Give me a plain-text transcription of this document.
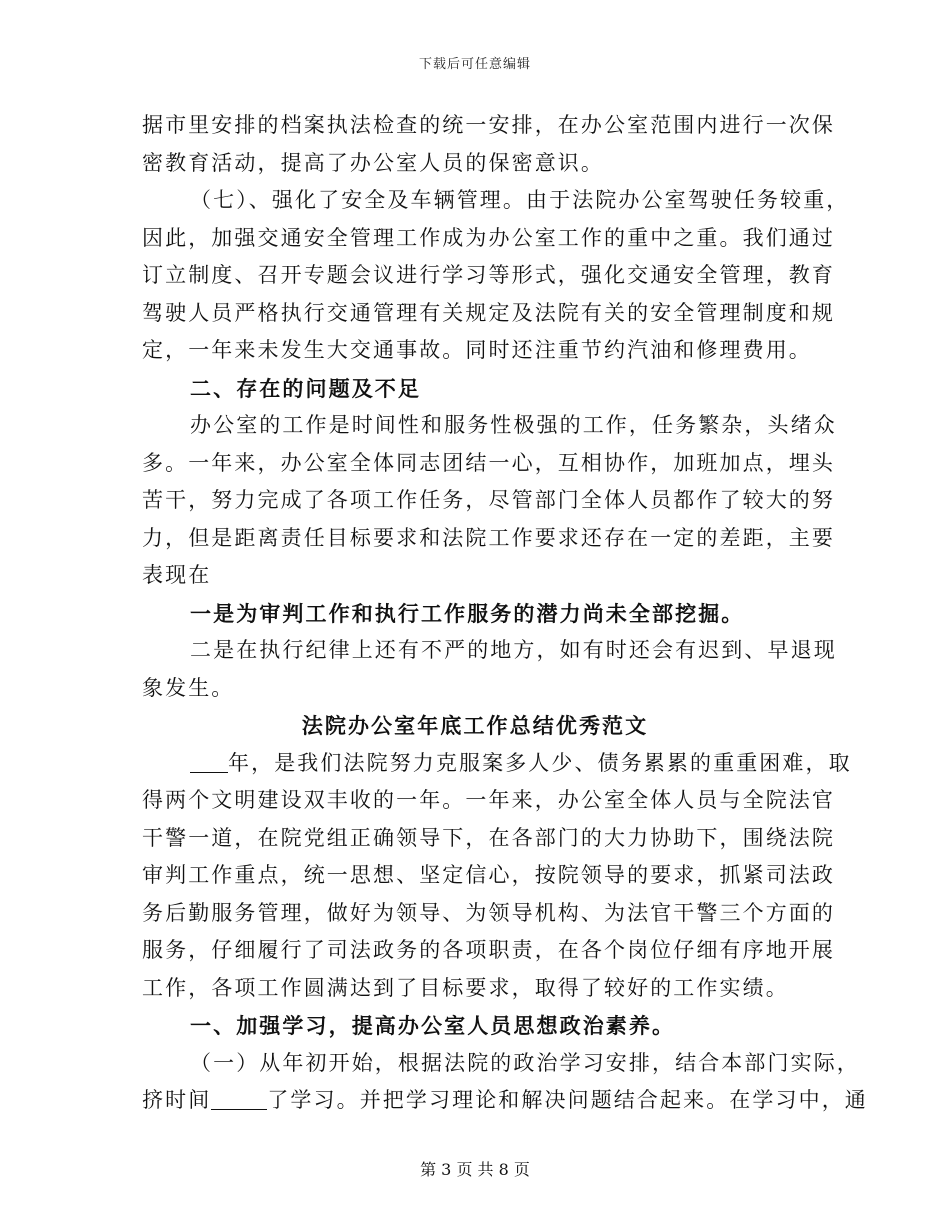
下载后可任意编辑
据市里安排的档案执法检查的统一安排，在办公室范围内进行一次保
密教育活动，提高了办公室人员的保密意识。
（七）、强化了安全及车辆管理。由于法院办公室驾驶任务较重，
因此，加强交通安全管理工作成为办公室工作的重中之重。我们通过
订立制度、召开专题会议进行学习等形式，强化交通安全管理，教育
驾驶人员严格执行交通管理有关规定及法院有关的安全管理制度和规
定，一年来未发生大交通事故。同时还注重节约汽油和修理费用。
二、存在的问题及不足
办公室的工作是时间性和服务性极强的工作，任务繁杂，头绪众
多。一年来，办公室全体同志团结一心，互相协作，加班加点，埋头
苦干，努力完成了各项工作任务，尽管部门全体人员都作了较大的努
力，但是距离责任目标要求和法院工作要求还存在一定的差距，主要
表现在
一是为审判工作和执行工作服务的潜力尚未全部挖掘。
二是在执行纪律上还有不严的地方，如有时还会有迟到、早退现
象发生。
法院办公室年底工作总结优秀范文
年，是我们法院努力克服案多人少、债务累累的重重困难，取
得两个文明建设双丰收的一年。一年来，办公室全体人员与全院法官
干警一道，在院党组正确领导下，在各部门的大力协助下，围绕法院
审判工作重点，统一思想、坚定信心，按院领导的要求，抓紧司法政
务后勤服务管理，做好为领导、为领导机构、为法官干警三个方面的
服务，仔细履行了司法政务的各项职责，在各个岗位仔细有序地开展
工作，各项工作圆满达到了目标要求，取得了较好的工作实绩。
一、加强学习，提高办公室人员思想政治素养。
（一）从年初开始，根据法院的政治学习安排，结合本部门实际，
挤时间	了学习。并把学习理论和解决问题结合起来。在学习中，通
第 3 页 共 8 页
